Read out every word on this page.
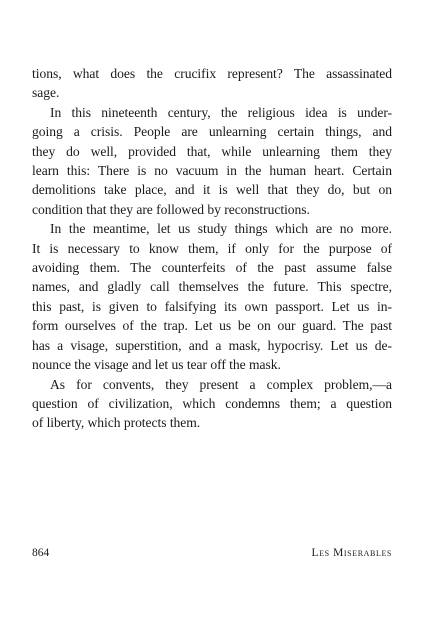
tions, what does the crucifix represent? The assassinated
sage.

In this nineteenth century, the religious idea is under-
going a crisis. People are unlearning certain things, and
they do well, provided that, while unlearning them they
learn this: There is no vacuum in the human heart. Certain
demolitions take place, and it is well that they do, but on
condition that they are followed by reconstructions.

In the meantime, let us study things which are no more.
It is necessary to know them, if only for the purpose of
avoiding them. The counterfeits of the past assume false
names, and gladly call themselves the future. This spectre,
this past, is given to falsifying its own passport. Let us in-
form ourselves of the trap. Let us be on our guard. The past
has a visage, superstition, and a mask, hypocrisy. Let us de-
nounce the visage and let us tear off the mask.

As for convents, they present a complex problem,—a
question of civilization, which condemns them; a question
of liberty, which protects them.

864	Les Miserables
